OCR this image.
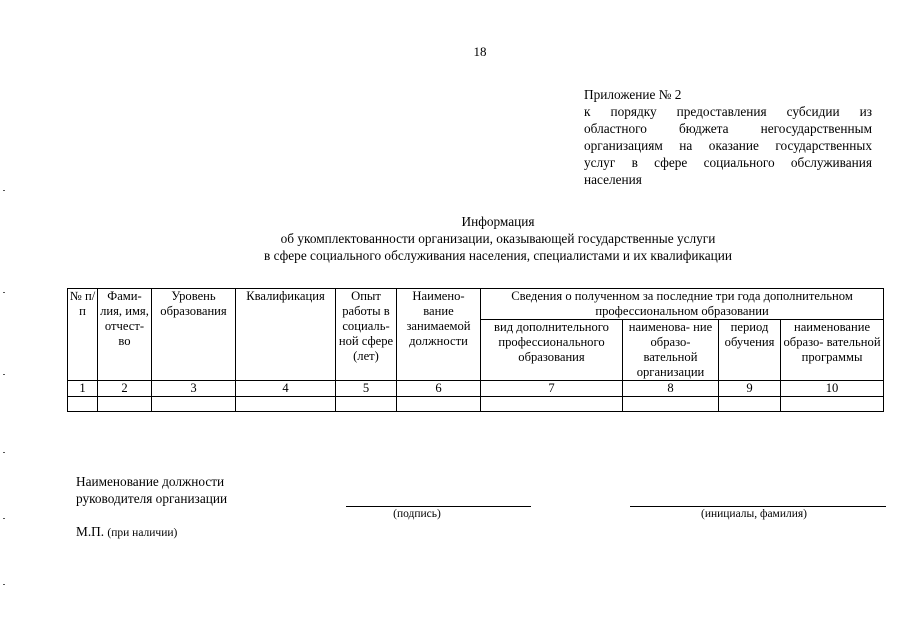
18
Приложение № 2
к порядку предоставления субсидии из
областного бюджета негосударственным
организациям на оказание государственных
услуг в сфере социального обслуживания
населения
Информация
об укомплектованности организации, оказывающей государственные услуги
в сфере социального обслуживания населения, специалистами и их квалификации
№ п/п	Фами- лия, имя, отчест- во	Уровень образования	Квалификация	Опыт работы в социаль- ной сфере (лет)	Наимено- вание занимаемой должности	Сведения о полученном за последние три года дополнительном профессиональном образовании			
						вид дополнительного профессионального образования	наименова- ние образо- вательной организации	период обучения	наименование образо- вательной программы
1	2	3	4	5	6	7	8	9	10

Наименование должности
руководителя организации
(подпись)	(инициалы, фамилия)
М.П. (при наличии)
